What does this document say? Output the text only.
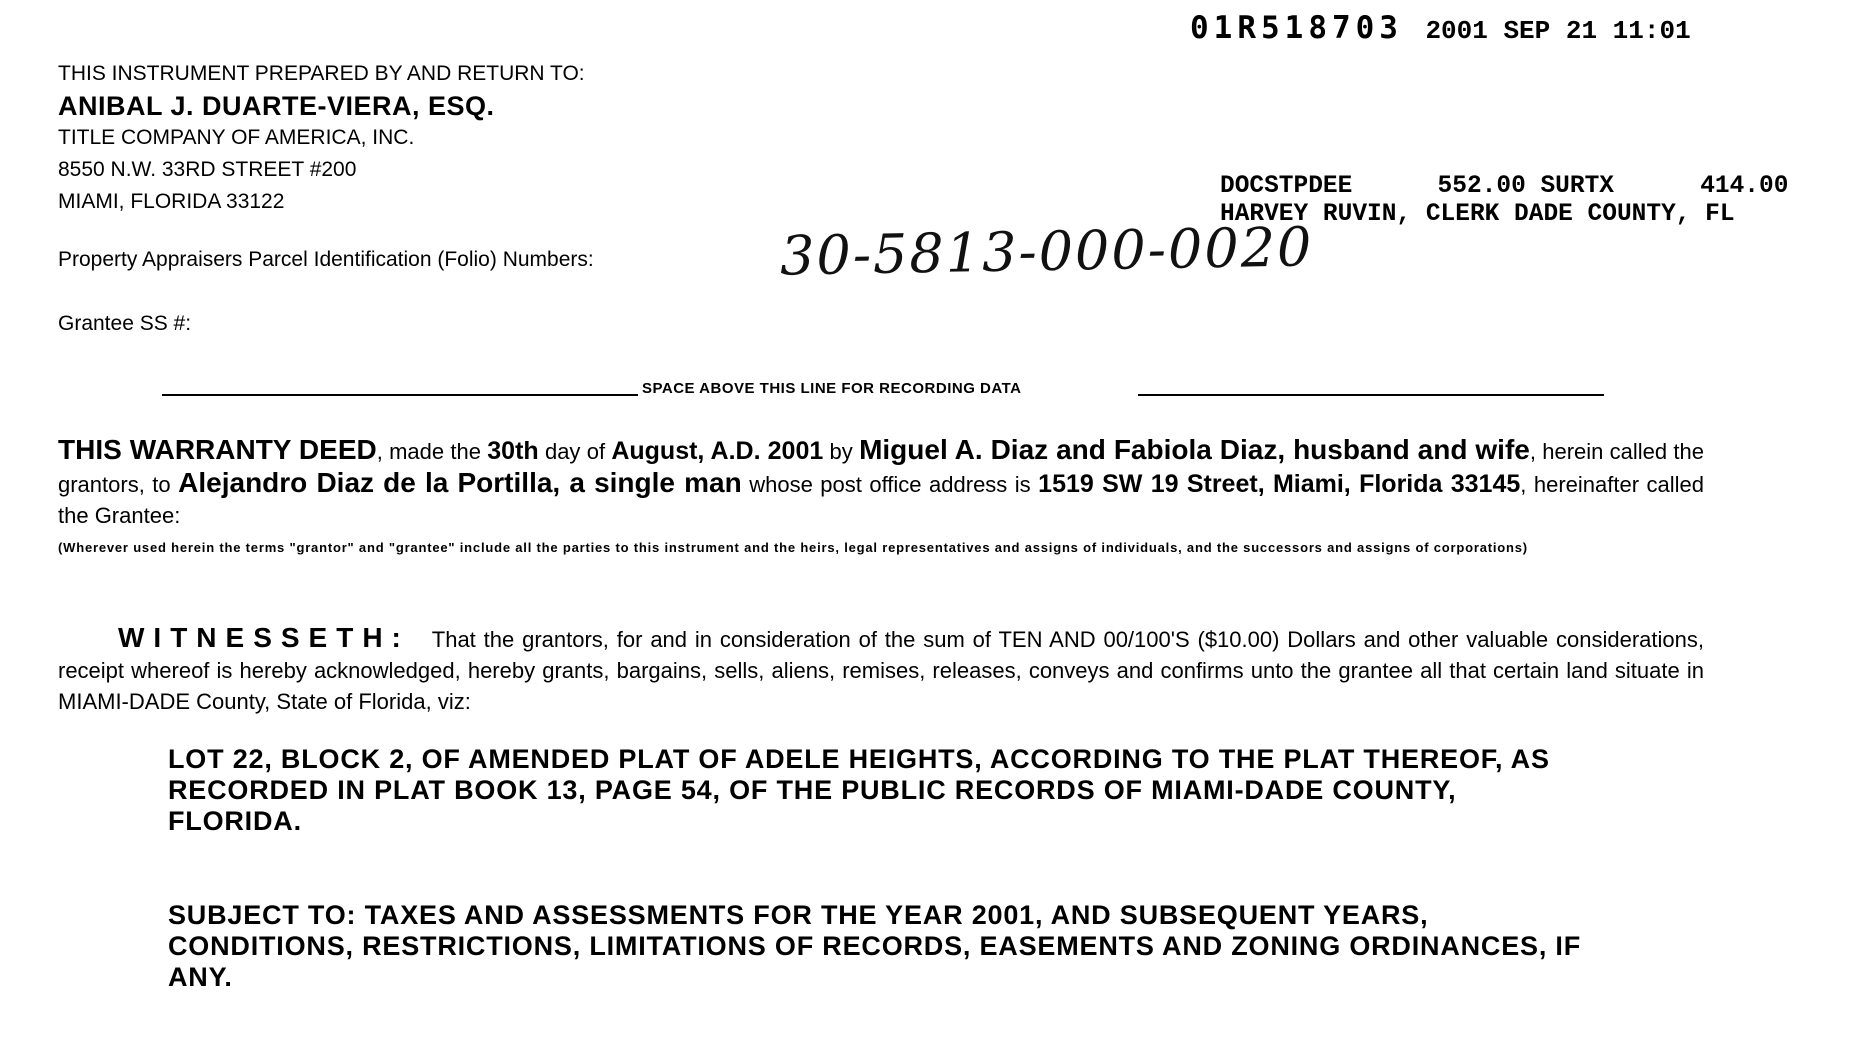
01R518703 2001 SEP 21 11:01
THIS INSTRUMENT PREPARED BY AND RETURN TO:
ANIBAL J. DUARTE-VIERA, ESQ.
TITLE COMPANY OF AMERICA, INC.
8550 N.W. 33RD STREET #200
MIAMI, FLORIDA 33122
DOCSTPDEE	552.00 SURTX	414.00
HARVEY RUVIN, CLERK DADE COUNTY, FL
Property Appraisers Parcel Identification (Folio) Numbers:	30-5813-000-0020
Grantee SS #:
SPACE ABOVE THIS LINE FOR RECORDING DATA
THIS WARRANTY DEED, made the 30th day of August, A.D. 2001 by Miguel A. Diaz and Fabiola Diaz, husband and wife, herein called the grantors, to Alejandro Diaz de la Portilla, a single man whose post office address is 1519 SW 19 Street, Miami, Florida 33145, hereinafter called the Grantee:
(Wherever used herein the terms "grantor" and "grantee" include all the parties to this instrument and the heirs, legal representatives and assigns of individuals, and the successors and assigns of corporations)
WITNESSETH: That the grantors, for and in consideration of the sum of TEN AND 00/100'S ($10.00) Dollars and other valuable considerations, receipt whereof is hereby acknowledged, hereby grants, bargains, sells, aliens, remises, releases, conveys and confirms unto the grantee all that certain land situate in MIAMI-DADE County, State of Florida, viz:
LOT 22, BLOCK 2, OF AMENDED PLAT OF ADELE HEIGHTS, ACCORDING TO THE PLAT THEREOF, AS RECORDED IN PLAT BOOK 13, PAGE 54, OF THE PUBLIC RECORDS OF MIAMI-DADE COUNTY, FLORIDA.
SUBJECT TO: TAXES AND ASSESSMENTS FOR THE YEAR 2001, AND SUBSEQUENT YEARS, CONDITIONS, RESTRICTIONS, LIMITATIONS OF RECORDS, EASEMENTS AND ZONING ORDINANCES, IF ANY.
